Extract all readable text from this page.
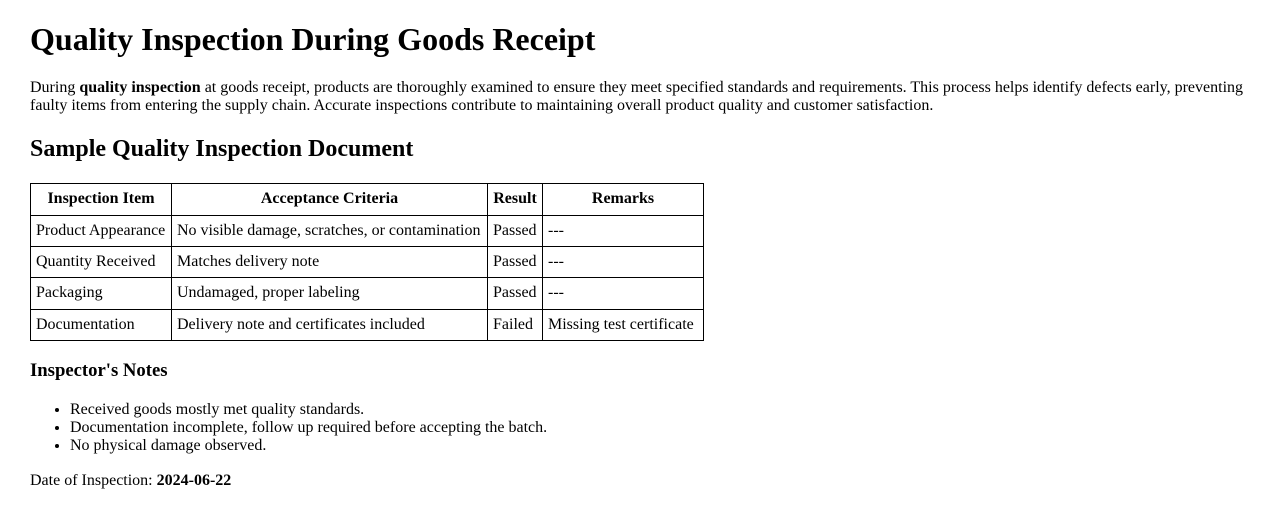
Quality Inspection During Goods Receipt

During quality inspection at goods receipt, products are thoroughly examined to ensure they meet specified standards and requirements. This process helps identify defects early, preventing faulty items from entering the supply chain. Accurate inspections contribute to maintaining overall product quality and customer satisfaction.

Sample Quality Inspection Document
Inspection Item	Acceptance Criteria	Result	Remarks
Product Appearance	No visible damage, scratches, or contamination	Passed	---
Quantity Received	Matches delivery note	Passed	---
Packaging	Undamaged, proper labeling	Passed	---
Documentation	Delivery note and certificates included	Failed	Missing test certificate
Inspector's Notes
• Received goods mostly met quality standards.
• Documentation incomplete, follow up required before accepting the batch.
• No physical damage observed.

Date of Inspection: 2024-06-22
